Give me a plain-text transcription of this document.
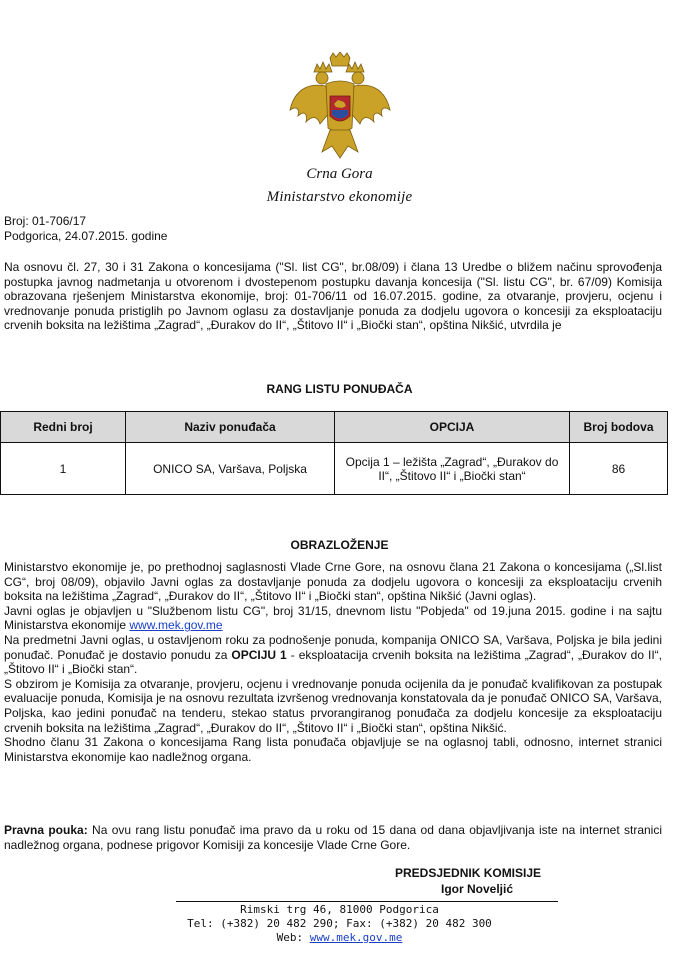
Crna Gora
Ministarstvo ekonomije
Broj: 01-706/17
Podgorica, 24.07.2015. godine
Na osnovu čl. 27, 30 i 31 Zakona o koncesijama ("Sl. list CG", br.08/09) i člana 13 Uredbe o bližem načinu sprovođenja postupka javnog nadmetanja u otvorenom i dvostepenom postupku davanja koncesija ("Sl. listu CG", br. 67/09) Komisija obrazovana rješenjem Ministarstva ekonomije, broj: 01-706/11 od 16.07.2015. godine, za otvaranje, provjeru, ocjenu i vrednovanje ponuda pristiglih po Javnom oglasu za dostavljanje ponuda za dodjelu ugovora o koncesiji za eksploataciju crvenih boksita na ležištima „Zagrad“, „Đurakov do II“, „Štitovo II“ i „Biočki stan“, opština Nikšić, utvrdila je
RANG LISTU PONUĐAČA
Redni broj	Naziv ponuđača	OPCIJA	Broj bodova
1	ONICO SA, Varšava, Poljska	Opcija 1 – ležišta „Zagrad“, „Đurakov do II“, „Štitovo II“ i „Biočki stan“	86
OBRAZLOŽENJE

Ministarstvo ekonomije je, po prethodnoj saglasnosti Vlade Crne Gore, na osnovu člana 21 Zakona o koncesijama („Sl.list CG“, broj 08/09), objavilo Javni oglas za dostavljanje ponuda za dodjelu ugovora o koncesiji za eksploataciju crvenih boksita na ležištima „Zagrad“, „Đurakov do II“, „Štitovo II“ i „Biočki stan“, opština Nikšić (Javni oglas).

Javni oglas je objavljen u "Službenom listu CG", broj 31/15, dnevnom listu "Pobjeda" od 19.juna 2015. godine i na sajtu Ministarstva ekonomije www.mek.gov.me

Na predmetni Javni oglas, u ostavljenom roku za podnošenje ponuda, kompanija ONICO SA, Varšava, Poljska je bila jedini ponuđač. Ponuđač je dostavio ponudu za OPCIJU 1 - eksploatacija crvenih boksita na ležištima „Zagrad“, „Đurakov do II“, „Štitovo II“ i „Biočki stan“.

S obzirom je Komisija za otvaranje, provjeru, ocjenu i vrednovanje ponuda ocijenila da je ponuđač kvalifikovan za postupak evaluacije ponuda, Komisija je na osnovu rezultata izvršenog vrednovanja konstatovala da je ponuđač ONICO SA, Varšava, Poljska, kao jedini ponuđač na tenderu, stekao status prvorangiranog ponuđača za dodjelu koncesije za eksploataciju crvenih boksita na ležištima „Zagrad“, „Đurakov do II“, „Štitovo II“ i „Biočki stan“, opština Nikšić.

Shodno članu 31 Zakona o koncesijama Rang lista ponuđača objavljuje se na oglasnoj tabli, odnosno, internet stranici Ministarstva ekonomije kao nadležnog organa.

Pravna pouka: Na ovu rang listu ponuđač ima pravo da u roku od 15 dana od dana objavljivanja iste na internet stranici nadležnog organa, podnese prigovor Komisiji za koncesije Vlade Crne Gore.
PREDSJEDNIK KOMISIJE
Igor Noveljić
Rimski trg 46, 81000 Podgorica
Tel: (+382) 20 482 290; Fax: (+382) 20 482 300
Web: www.mek.gov.me
